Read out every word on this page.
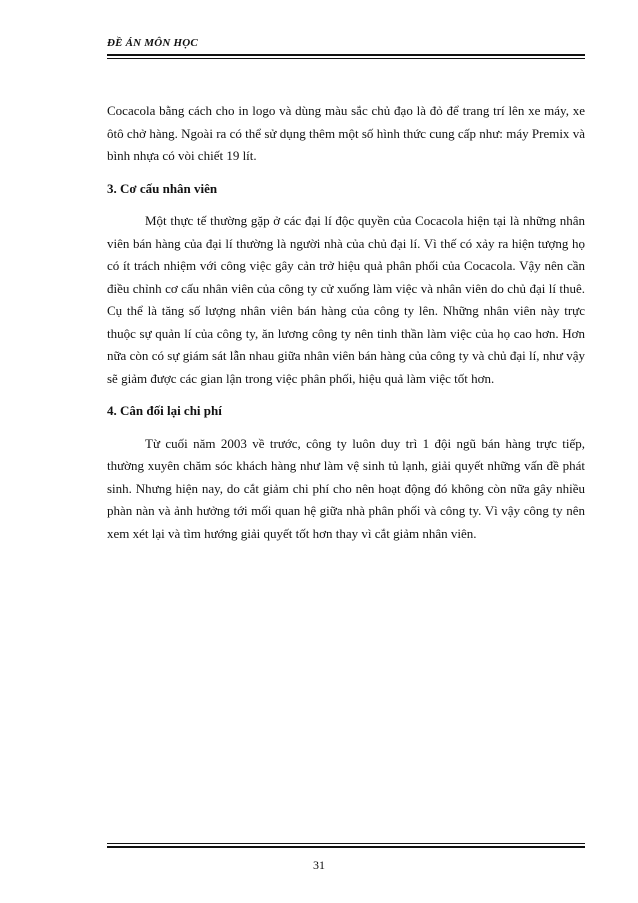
ĐỀ ÁN MÔN HỌC

Cocacola bằng cách cho in logo và dùng màu sắc chủ đạo là đỏ để trang trí lên xe máy, xe ôtô chở hàng. Ngoài ra có thể sử dụng thêm một số hình thức cung cấp như: máy Premix và bình nhựa có vòi chiết 19 lít.

3. Cơ cấu nhân viên

Một thực tế thường gặp ở các đại lí độc quyền của Cocacola hiện tại là những nhân viên bán hàng của đại lí thường là người nhà của chủ đại lí. Vì thế có xảy ra hiện tượng họ có ít trách nhiệm với công việc gây cản trở hiệu quả phân phối của Cocacola. Vậy nên cần điều chỉnh cơ cấu nhân viên của công ty cử xuống làm việc và nhân viên do chủ đại lí thuê. Cụ thể là tăng số lượng nhân viên bán hàng của công ty lên. Những nhân viên này trực thuộc sự quản lí của công ty, ăn lương công ty nên tinh thần làm việc của họ cao hơn. Hơn nữa còn có sự giám sát lẫn nhau giữa nhân viên bán hàng của công ty và chủ đại lí, như vậy sẽ giảm được các gian lận trong việc phân phối, hiệu quả làm việc tốt hơn.

4. Cân đối lại chi phí

Từ cuối năm 2003 về trước, công ty luôn duy trì 1 đội ngũ bán hàng trực tiếp, thường xuyên chăm sóc khách hàng như làm vệ sinh tủ lạnh, giải quyết những vấn đề phát sinh. Nhưng hiện nay, do cắt giảm chi phí cho nên hoạt động đó không còn nữa gây nhiều phàn nàn và ảnh hưởng tới mối quan hệ giữa nhà phân phối và công ty. Vì vậy công ty nên xem xét lại và tìm hướng giải quyết tốt hơn thay vì cắt giảm nhân viên.

31
